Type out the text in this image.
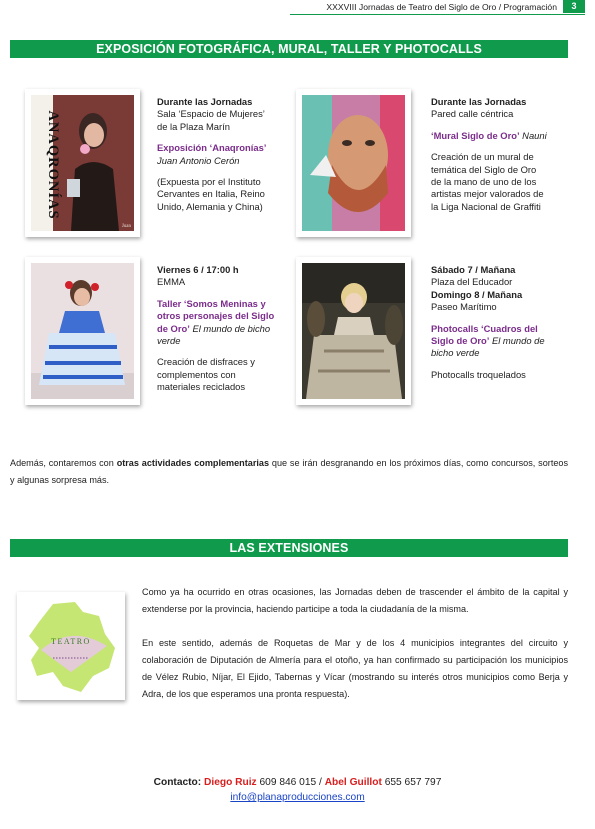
XXXVIII Jornadas de Teatro del Siglo de Oro / Programación	3
EXPOSICIÓN FOTOGRÁFICA, MURAL, TALLER Y PHOTOCALLS
Juan
ANAQRONÍAS
Durante las Jornadas
Sala ‘Espacio de Mujeres’
de la Plaza Marín
Exposición ‘Anaqronías’
Juan Antonio Cerón
(Expuesta por el Instituto
Cervantes en Italia, Reino
Unido, Alemania y China)
Durante las Jornadas
Pared calle céntrica
‘Mural Siglo de Oro’ Nauni
Creación de un mural de
temática del Siglo de Oro
de la mano de uno de los
artistas mejor valorados de
la Liga Nacional de Graffiti
Viernes 6 / 17:00 h
EMMA
Taller ‘Somos Meninas y
otros personajes del Siglo
de Oro’ El mundo de bicho
verde
Creación de disfraces y
complementos con
materiales reciclados
Sábado 7 / Mañana
Plaza del Educador
Domingo 8 / Mañana
Paseo Marítimo
Photocalls ‘Cuadros del
Siglo de Oro’ El mundo de
bicho verde
Photocalls troquelados
Además, contaremos con otras actividades complementarias que se irán desgranando en los próximos días, como concursos, sorteos y algunas sorpresa más.
LAS EXTENSIONES
TEATRO
Como ya ha ocurrido en otras ocasiones, las Jornadas deben de trascender el ámbito de la capital y extenderse por la provincia, haciendo participe a toda la ciudadanía de la misma.
En este sentido, además de Roquetas de Mar y de los 4 municipios integrantes del circuito y colaboración de Diputación de Almería para el otoño, ya han confirmado su participación los municipios de Vélez Rubio, Níjar, El Ejido, Tabernas y Vícar (mostrando su interés otros municipios como Berja y Adra, de los que esperamos una pronta respuesta).
Contacto: Diego Ruiz 609 846 015 / Abel Guillot 655 657 797
info@planaproducciones.com
